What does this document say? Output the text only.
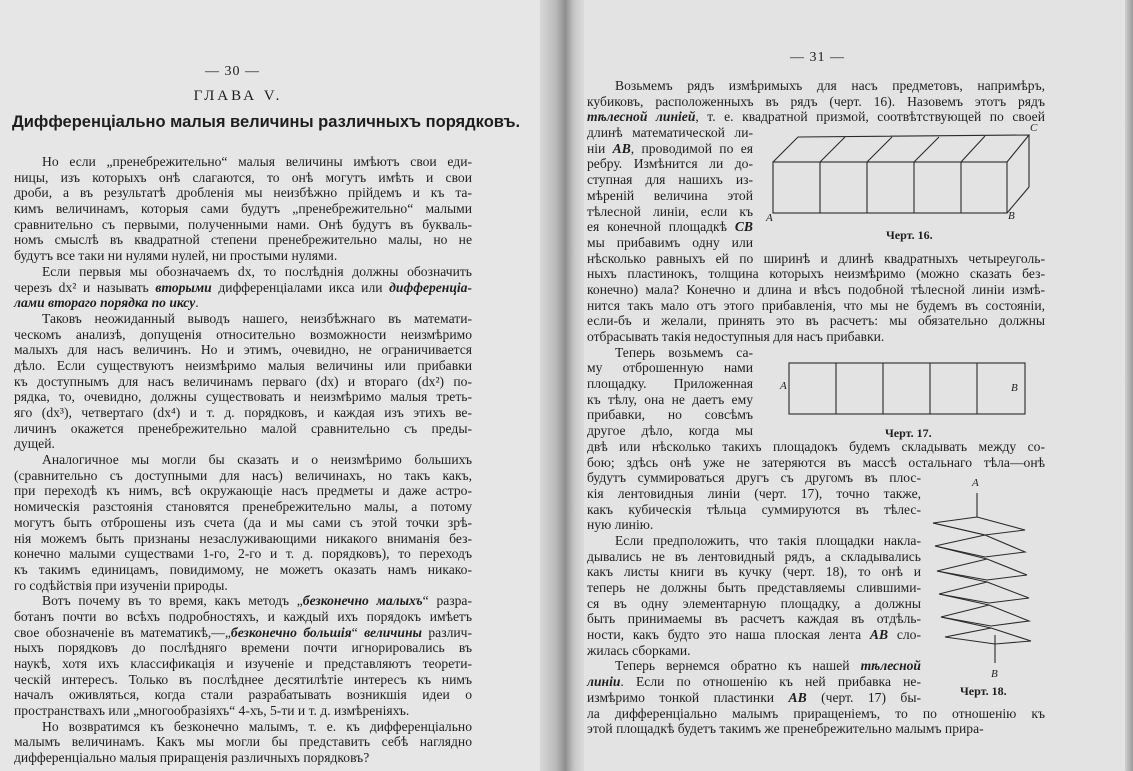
— 30 —
ГЛАВА V.
Дифференціально малыя величины различныхъ порядковъ.
Но если „пренебрежительно“ малыя величины имѣютъ свои еди-
ницы, изъ которыхъ онѣ слагаются, то онѣ могутъ имѣть и свои
дроби, а въ результатѣ дробленія мы неизбѣжно прійдемъ и къ та-
кимъ величинамъ, которыя сами будутъ „пренебрежительно“ малыми
сравнительно съ первыми, полученными нами. Онѣ будутъ въ букваль-
номъ смыслѣ въ квадратной степени пренебрежительно малы, но не
будутъ все таки ни нулями нулей, ни простыми нулями.
Если первыя мы обозначаемъ dx, то послѣднія должны обозначить
черезъ dx² и называть вторыми дифференціалами икса или дифференціа-
лами втораго порядка по иксу.
Таковъ неожиданный выводъ нашего, неизбѣжнаго въ математи-
ческомъ анализѣ, допущенія относительно возможности неизмѣримо
малыхъ для насъ величинъ. Но и этимъ, очевидно, не ограничивается
дѣло. Если существуютъ неизмѣримо малыя величины или прибавки
къ доступнымъ для насъ величинамъ перваго (dx) и втораго (dx²) по-
рядка, то, очевидно, должны существовать и неизмѣримо малыя треть-
яго (dx³), четвертаго (dx⁴) и т. д. порядковъ, и каждая изъ этихъ ве-
личинъ окажется пренебрежительно малой сравнительно съ преды-
дущей.
Аналогичное мы могли бы сказать и о неизмѣримо большихъ
(сравнительно съ доступными для насъ) величинахъ, но такъ какъ,
при переходѣ къ нимъ, всѣ окружающіе насъ предметы и даже астро-
номическія разстоянія становятся пренебрежительно малы, а потому
могутъ быть отброшены изъ счета (да и мы сами съ этой точки зрѣ-
нія можемъ быть признаны незаслуживающими никакого вниманія без-
конечно малыми существами 1-го, 2-го и т. д. порядковъ), то переходъ
къ такимъ единицамъ, повидимому, не можетъ оказать намъ никако-
го содѣйствія при изученіи природы.
Вотъ почему въ то время, какъ методъ „безконечно малыхъ“ разра-
ботанъ почти во всѣхъ подробностяхъ, и каждый ихъ порядокъ имѣетъ
свое обозначеніе въ математикѣ,—„безконечно большія“ величины различ-
ныхъ порядковъ до послѣдняго времени почти игнорировались въ
наукѣ, хотя ихъ классификація и изученіе и представляютъ теорети-
ческій интересъ. Только въ послѣднее десятилѣтіе интересъ къ нимъ
началъ оживляться, когда стали разрабатывать возникшія идеи о
пространствахъ или „многообразіяхъ“ 4-хъ, 5-ти и т. д. измѣреніяхъ.
Но возвратимся къ безконечно малымъ, т. е. къ дифференціально
малымъ величинамъ. Какъ мы могли бы представить себѣ наглядно
дифференціально малыя приращенія различныхъ порядковъ?
— 31 —
Возьмемъ рядъ измѣримыхъ для насъ предметовъ, напримѣръ,
кубиковъ, расположенныхъ въ рядъ (черт. 16). Назовемъ этотъ рядъ
тѣлесной линіей, т. е. квадратной призмой, соотвѣтствующей по своей
длинѣ математической ли-
ніи AB, проводимой по ея
ребру. Измѣнится ли до-
ступная для нашихъ из-
мѣреній величина этой
тѣлесной линіи, если къ
ея конечной площадкѣ CB
мы прибавимъ одну или
нѣсколько равныхъ ей по ширинѣ и длинѣ квадратныхъ четыреуголь-
ныхъ пластинокъ, толщина которыхъ неизмѣримо (можно сказать без-
конечно) мала? Конечно и длина и вѣсъ подобной тѣлесной линіи измѣ-
нится такъ мало отъ этого прибавленія, что мы не будемъ въ состояніи,
если-бъ и желали, принять это въ расчетъ: мы обязательно должны
отбрасывать такія недоступныя для насъ прибавки.
Теперь возьмемъ са-
му отброшенную нами
площадку. Приложенная
къ тѣлу, она не даетъ ему
прибавки, но совсѣмъ
другое дѣло, когда мы
двѣ или нѣсколько такихъ площадокъ будемъ складывать между со-
бою; здѣсь онѣ уже не затеряются въ массѣ остальнаго тѣла—онѣ
будутъ суммироваться другъ съ другомъ въ плос-
кія лентовидныя линіи (черт. 17), точно также,
какъ кубическія тѣльца суммируются въ тѣлес-
ную линію.
Если предположить, что такія площадки накла-
дывались не въ лентовидный рядъ, а складывались
какъ листы книги въ кучку (черт. 18), то онѣ и
теперь не должны быть представляемы слившими-
ся въ одну элементарную площадку, а должны
быть принимаемы въ расчетъ каждая въ отдѣль-
ности, какъ будто это наша плоская лента AB сло-
жилась сборками.
Теперь вернемся обратно къ нашей тѣлесной
линіи. Если по отношенію къ ней прибавка не-
измѣримо тонкой пластинки AB (черт. 17) бы-
ла дифференціально малымъ приращеніемъ, то по отношенію къ
этой площадкѣ будетъ такимъ же пренебрежительно малымъ прира-
A	B
C
Черт. 16.
A	B
Черт. 17.
A
B
Черт. 18.
